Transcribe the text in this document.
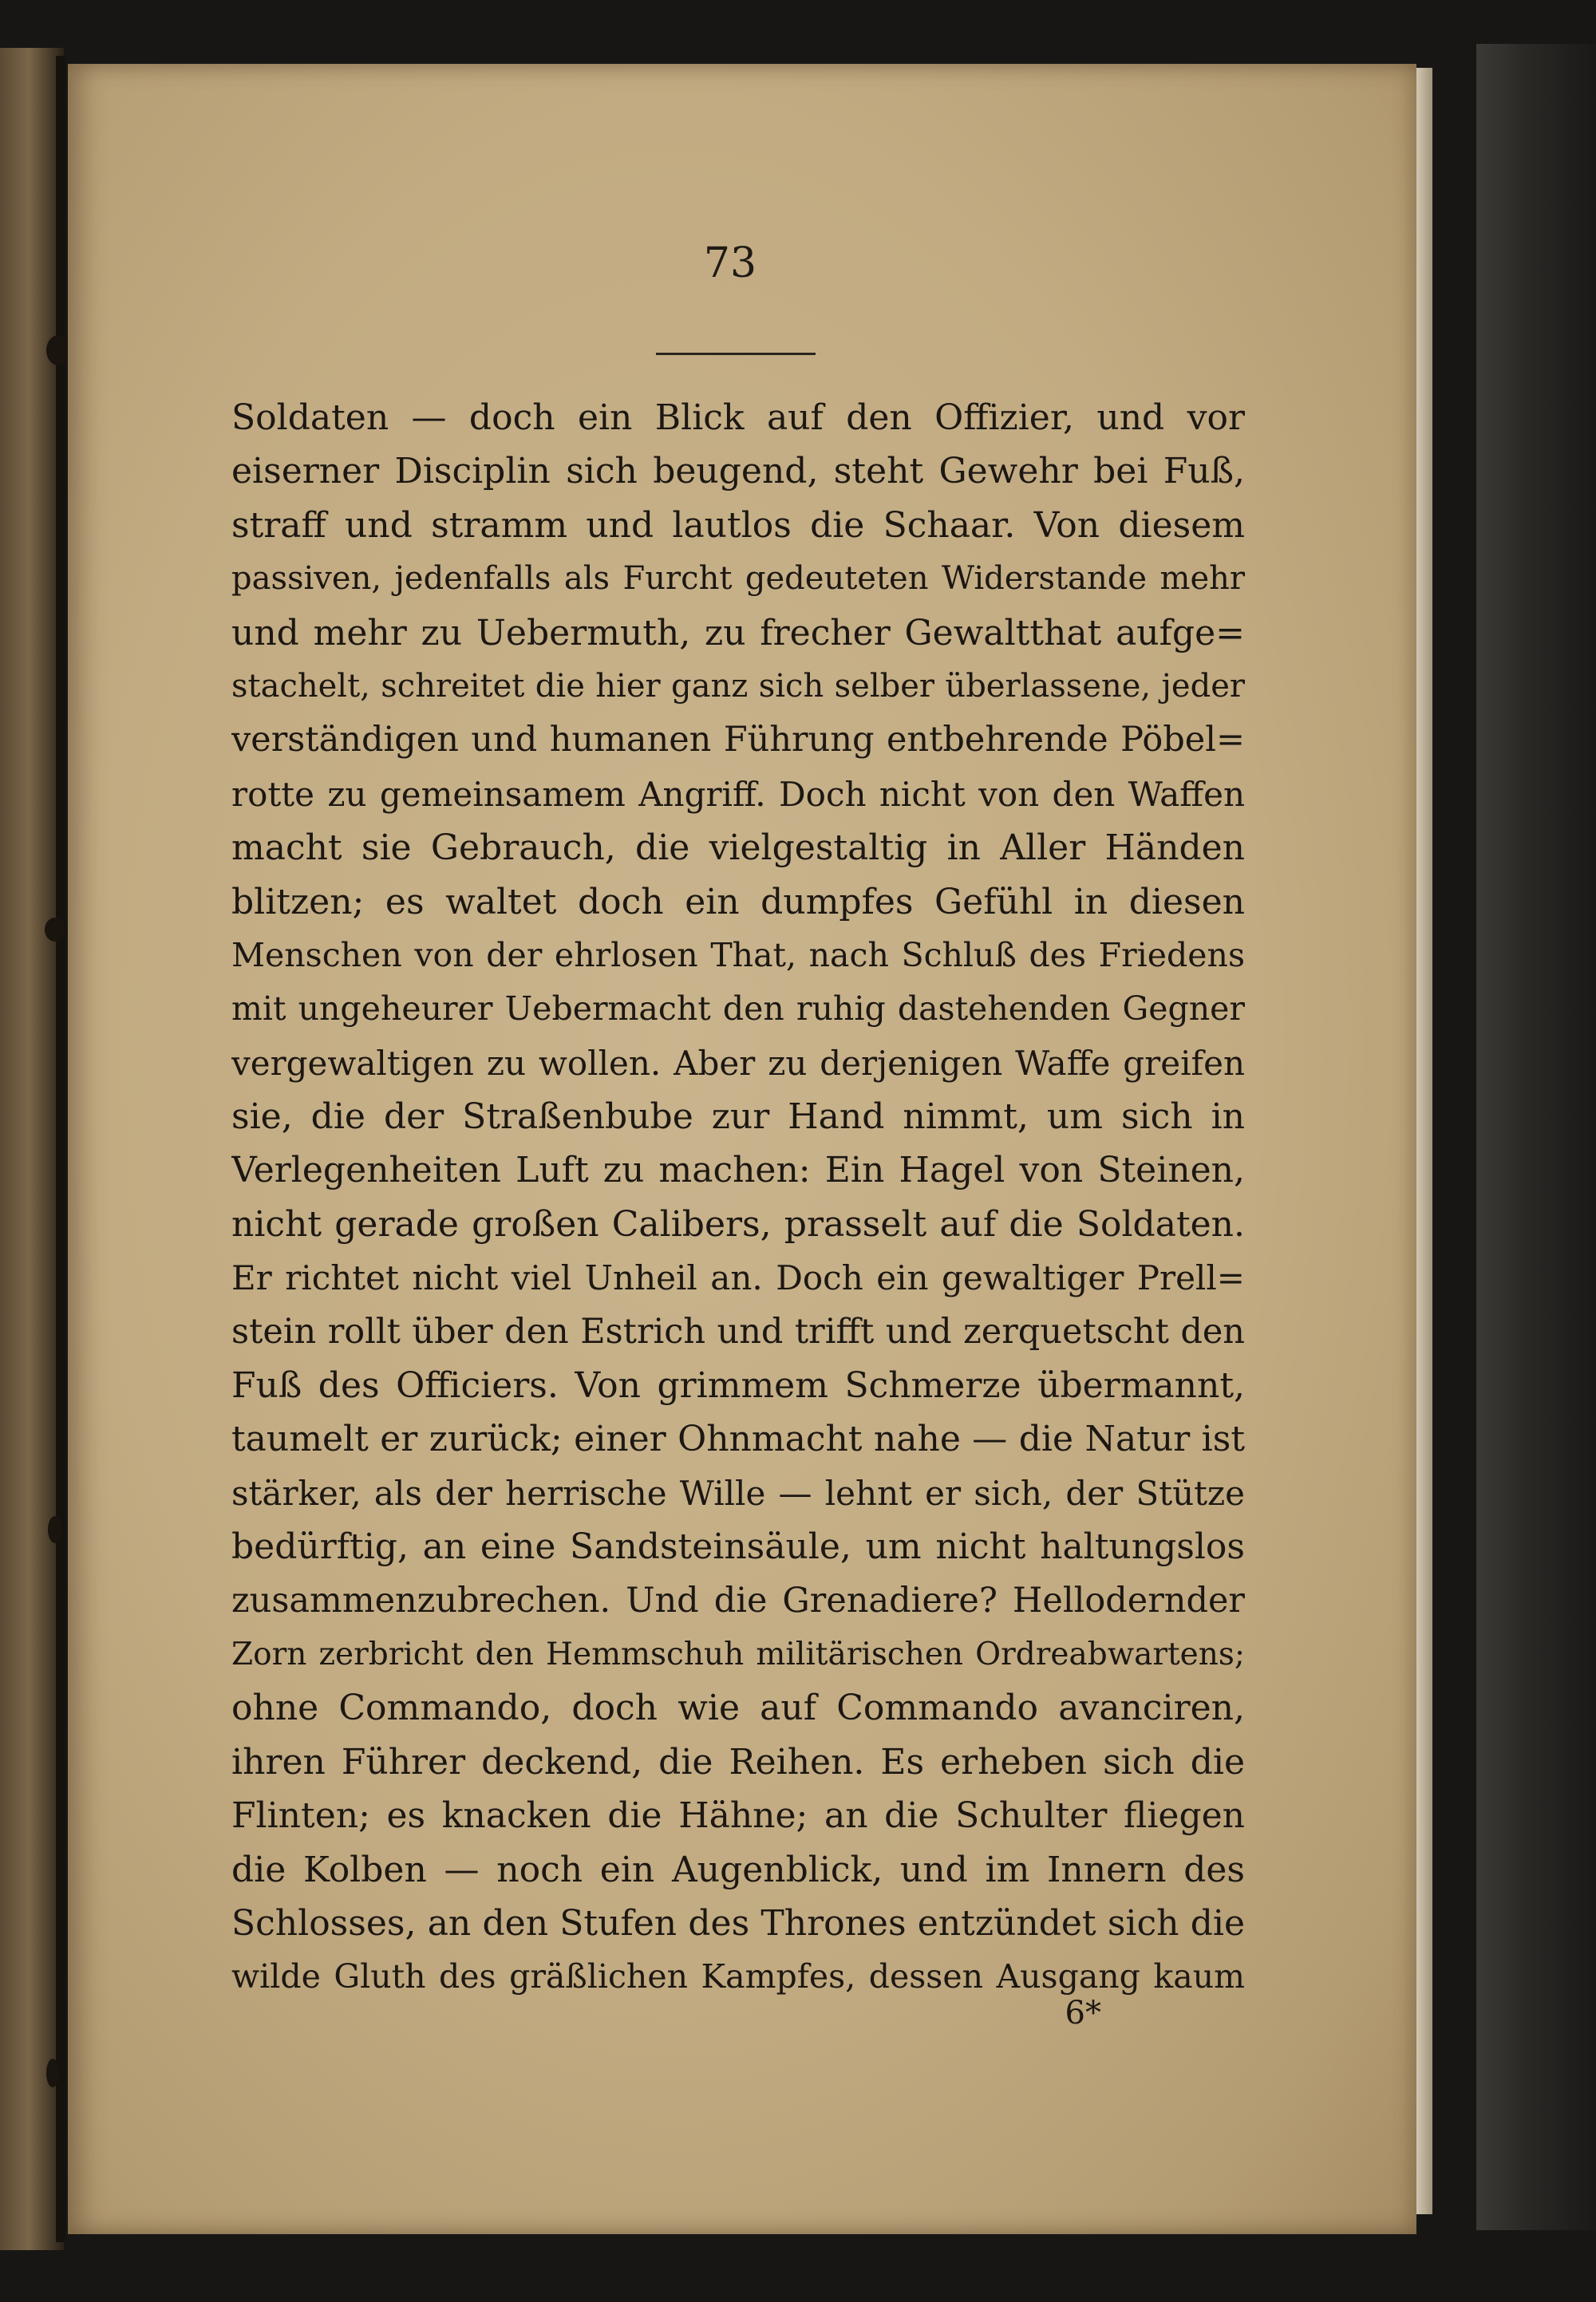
73
Soldaten — doch ein Blick auf den Offizier, und vor
eiserner Disciplin sich beugend, steht Gewehr bei Fuß,
straff und stramm und lautlos die Schaar. Von diesem
passiven, jedenfalls als Furcht gedeuteten Widerstande mehr
und mehr zu Uebermuth, zu frecher Gewaltthat aufge=
stachelt, schreitet die hier ganz sich selber überlassene, jeder
verständigen und humanen Führung entbehrende Pöbel=
rotte zu gemeinsamem Angriff. Doch nicht von den Waffen
macht sie Gebrauch, die vielgestaltig in Aller Händen
blitzen; es waltet doch ein dumpfes Gefühl in diesen
Menschen von der ehrlosen That, nach Schluß des Friedens
mit ungeheurer Uebermacht den ruhig dastehenden Gegner
vergewaltigen zu wollen. Aber zu derjenigen Waffe greifen
sie, die der Straßenbube zur Hand nimmt, um sich in
Verlegenheiten Luft zu machen: Ein Hagel von Steinen,
nicht gerade großen Calibers, prasselt auf die Soldaten.
Er richtet nicht viel Unheil an. Doch ein gewaltiger Prell=
stein rollt über den Estrich und trifft und zerquetscht den
Fuß des Officiers. Von grimmem Schmerze übermannt,
taumelt er zurück; einer Ohnmacht nahe — die Natur ist
stärker, als der herrische Wille — lehnt er sich, der Stütze
bedürftig, an eine Sandsteinsäule, um nicht haltungslos
zusammenzubrechen. Und die Grenadiere? Hellodernder
Zorn zerbricht den Hemmschuh militärischen Ordreabwartens;
ohne Commando, doch wie auf Commando avanciren,
ihren Führer deckend, die Reihen. Es erheben sich die
Flinten; es knacken die Hähne; an die Schulter fliegen
die Kolben — noch ein Augenblick, und im Innern des
Schlosses, an den Stufen des Thrones entzündet sich die
wilde Gluth des gräßlichen Kampfes, dessen Ausgang kaum
6*
